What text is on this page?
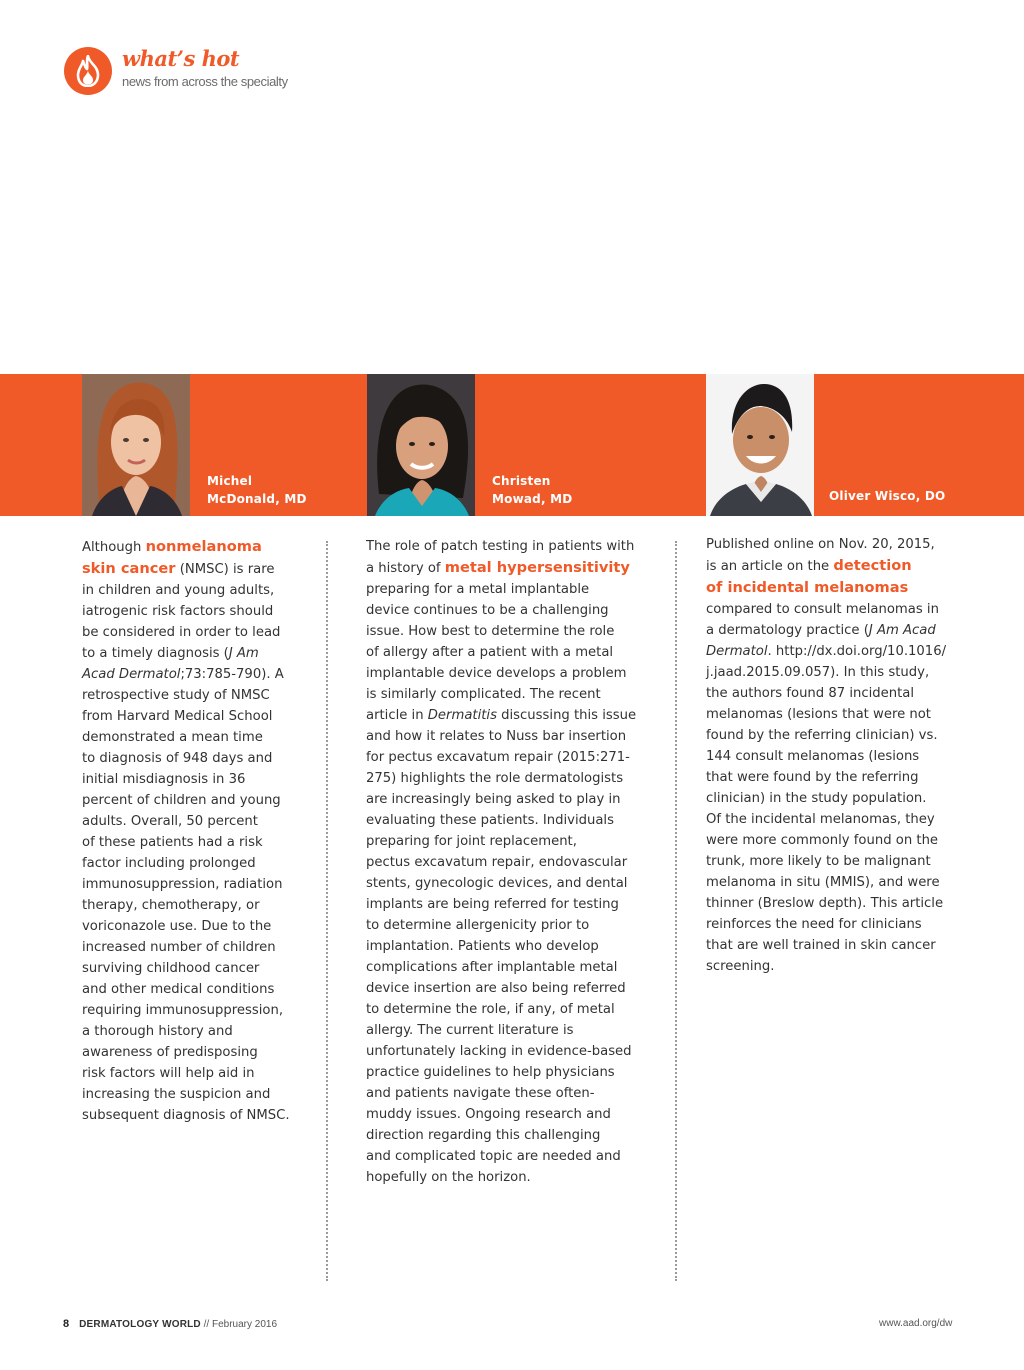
what’s hot

news from across the specialty

Michel
McDonald, MD

Christen
Mowad, MD	Oliver Wisco, DO

Although nonmelanoma
skin cancer (NMSC) is rare
in children and young adults,
iatrogenic risk factors should
be considered in order to lead
to a timely diagnosis (J Am
Acad Dermatol;73:785-790). A
retrospective study of NMSC
from Harvard Medical School
demonstrated a mean time
to diagnosis of 948 days and
initial misdiagnosis in 36
percent of children and young
adults. Overall, 50 percent
of these patients had a risk
factor including prolonged
immunosuppression, radiation
therapy, chemotherapy, or
voriconazole use. Due to the
increased number of children
surviving childhood cancer
and other medical conditions
requiring immunosuppression,
a thorough history and
awareness of predisposing
risk factors will help aid in
increasing the suspicion and
subsequent diagnosis of NMSC.
The role of patch testing in patients with
a history of metal hypersensitivity
preparing for a metal implantable
device continues to be a challenging
issue. How best to determine the role
of allergy after a patient with a metal
implantable device develops a problem
is similarly complicated. The recent
article in Dermatitis discussing this issue
and how it relates to Nuss bar insertion
for pectus excavatum repair (2015:271-
275) highlights the role dermatologists
are increasingly being asked to play in
evaluating these patients. Individuals
preparing for joint replacement,
pectus excavatum repair, endovascular
stents, gynecologic devices, and dental
implants are being referred for testing
to determine allergenicity prior to
implantation. Patients who develop
complications after implantable metal
device insertion are also being referred
to determine the role, if any, of metal
allergy. The current literature is
unfortunately lacking in evidence-based
practice guidelines to help physicians
and patients navigate these often-
muddy issues. Ongoing research and
direction regarding this challenging
and complicated topic are needed and
hopefully on the horizon.
Published online on Nov. 20, 2015,
is an article on the detection
of incidental melanomas
compared to consult melanomas in
a dermatology practice (J Am Acad
Dermatol. http://dx.doi.org/10.1016/
j.jaad.2015.09.057). In this study,
the authors found 87 incidental
melanomas (lesions that were not
found by the referring clinician) vs.
144 consult melanomas (lesions
that were found by the referring
clinician) in the study population.
Of the incidental melanomas, they
were more commonly found on the
trunk, more likely to be malignant
melanoma in situ (MMIS), and were
thinner (Breslow depth). This article
reinforces the need for clinicians
that are well trained in skin cancer
screening.

8 DERMATOLOGY WORLD // February 2016	www.aad.org/dw
